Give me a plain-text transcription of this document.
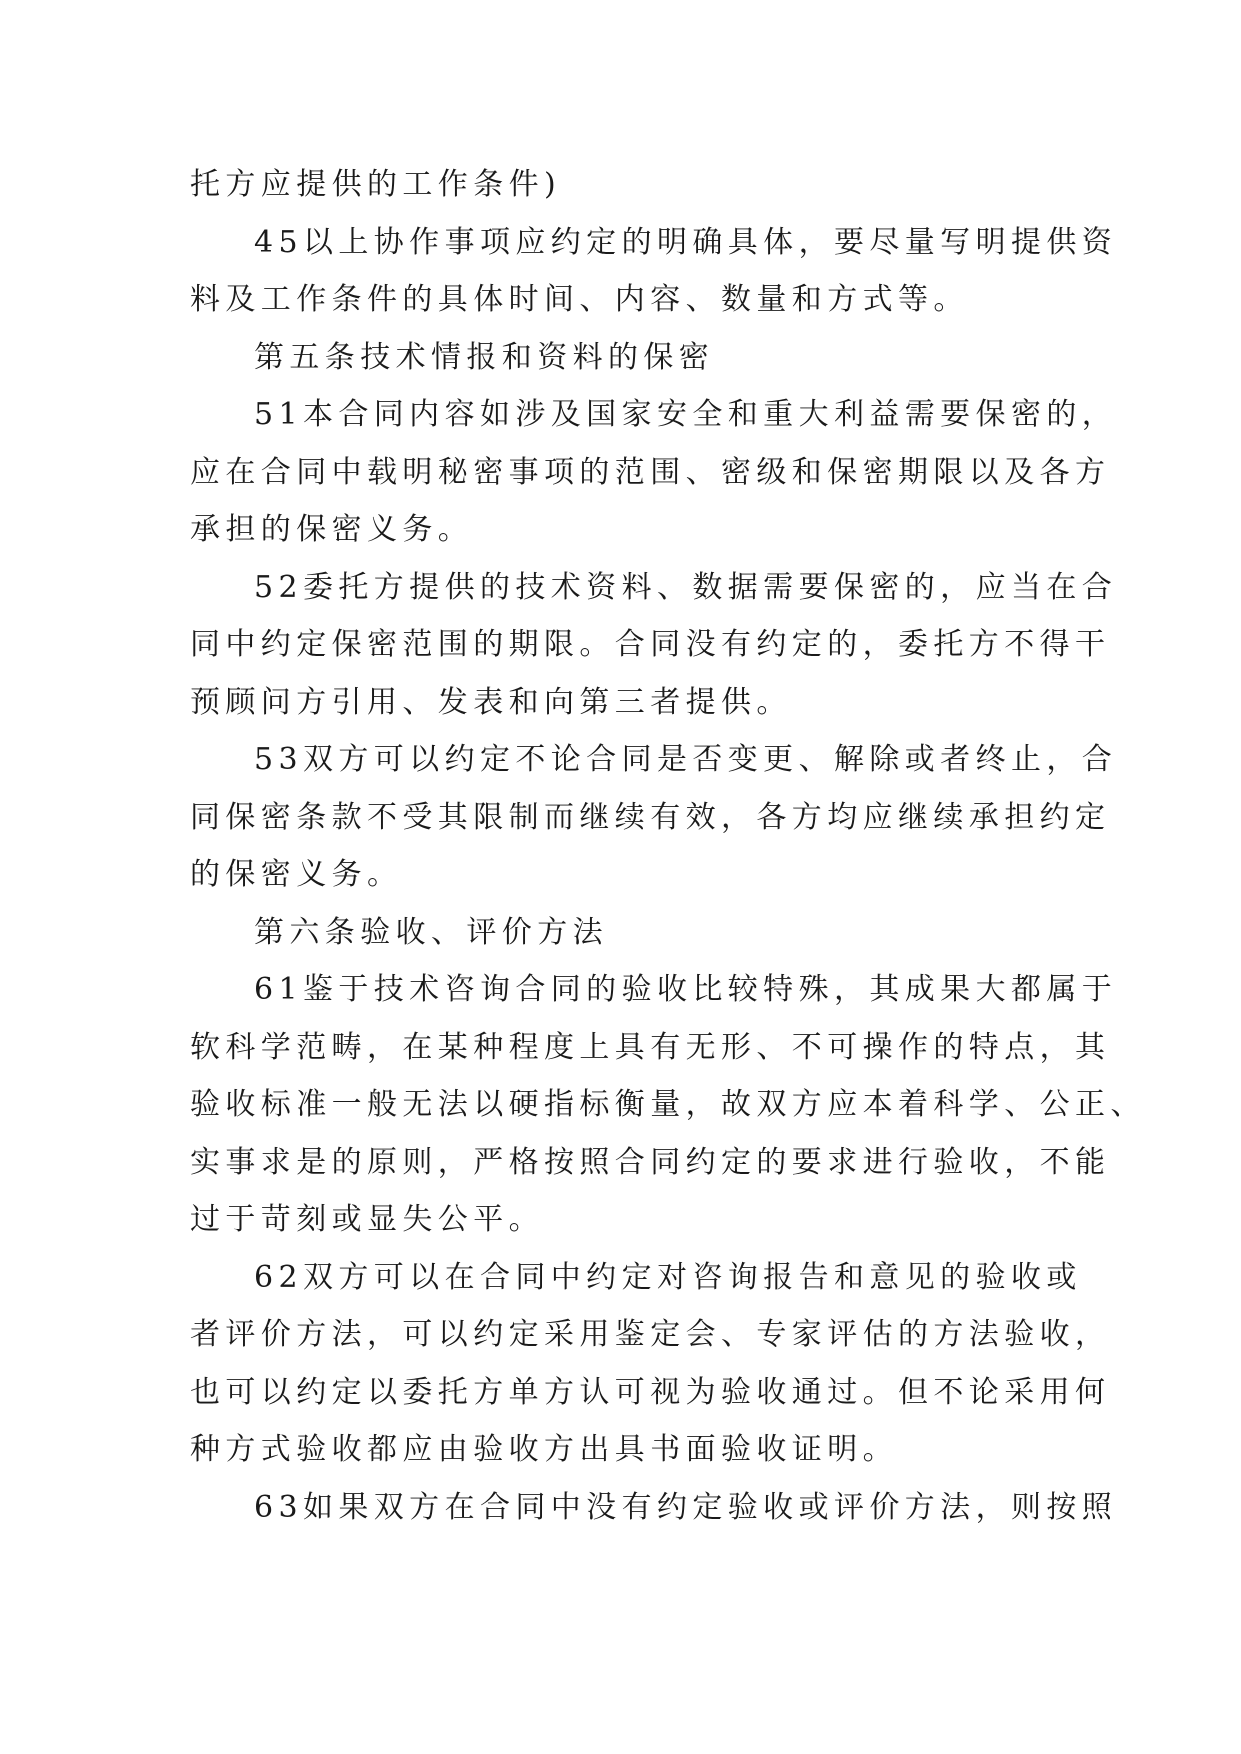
托方应提供的工作条件)
45以上协作事项应约定的明确具体，要尽量写明提供资
料及工作条件的具体时间、内容、数量和方式等。
第五条技术情报和资料的保密
51本合同内容如涉及国家安全和重大利益需要保密的，
应在合同中载明秘密事项的范围、密级和保密期限以及各方
承担的保密义务。
52委托方提供的技术资料、数据需要保密的，应当在合
同中约定保密范围的期限。合同没有约定的，委托方不得干
预顾问方引用、发表和向第三者提供。
53双方可以约定不论合同是否变更、解除或者终止，合
同保密条款不受其限制而继续有效，各方均应继续承担约定
的保密义务。
第六条验收、评价方法
61鉴于技术咨询合同的验收比较特殊，其成果大都属于
软科学范畴，在某种程度上具有无形、不可操作的特点，其
验收标准一般无法以硬指标衡量，故双方应本着科学、公正、
实事求是的原则，严格按照合同约定的要求进行验收，不能
过于苛刻或显失公平。
62双方可以在合同中约定对咨询报告和意见的验收或
者评价方法，可以约定采用鉴定会、专家评估的方法验收，
也可以约定以委托方单方认可视为验收通过。但不论采用何
种方式验收都应由验收方出具书面验收证明。
63如果双方在合同中没有约定验收或评价方法，则按照
